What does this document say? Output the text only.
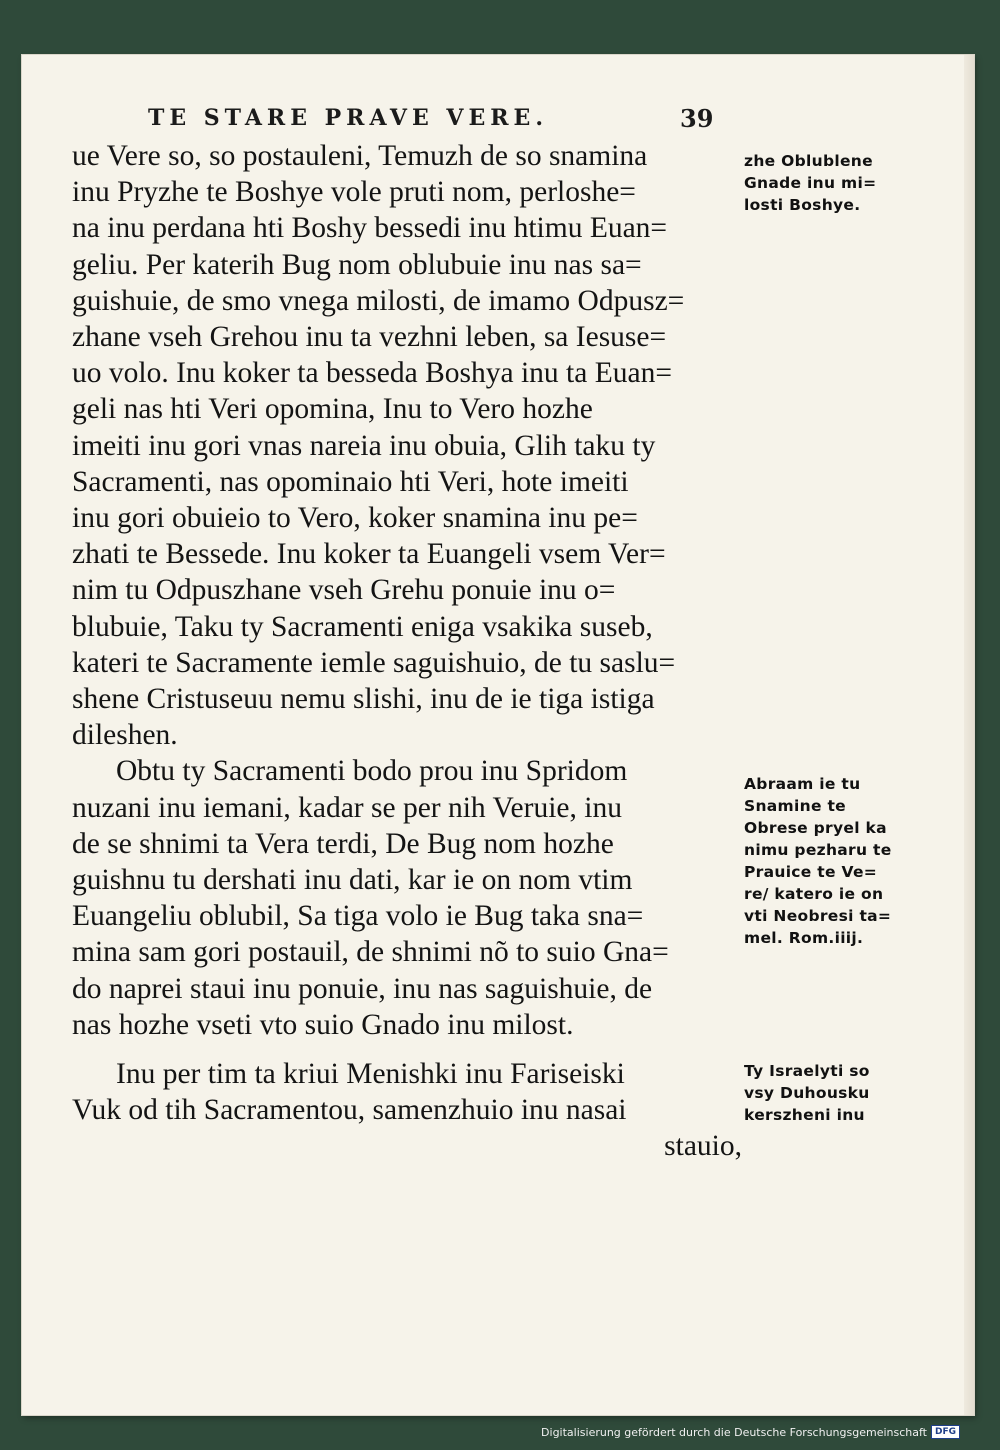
TE STARE PRAVE VERE.	39
ue Vere so, so postauleni, Temuzh de so snamina
inu Pryzhe te Boshye vole pruti nom, perloshe=
na inu perdana hti Boshy bessedi inu htimu Euan=
geliu. Per katerih Bug nom oblubuie inu nas sa=
guishuie, de smo vnega milosti, de imamo Odpusz=
zhane vseh Grehou inu ta vezhni leben, sa Iesuse=
uo volo. Inu koker ta bessedа Boshya inu ta Euan=
geli nas hti Veri opomina, Inu to Vero hozhe
imeiti inu gori vnas nareia inu obuia, Glih taku ty
Sacramenti, nas opominaio hti Veri, hote imeiti
inu gori obuieio to Vero, koker snamina inu pe=
zhati te Bessede. Inu koker ta Euangeli vsem Ver=
nim tu Odpuszhane vseh Grehu ponuie inu o=
blubuie, Taku ty Sacramenti eniga vsakika suseb,
kateri te Sacramente iemle saguishuio, de tu saslu=
shene Cristuseuu nemu slishi, inu de ie tiga istiga
dileshen.
Obtu ty Sacramenti bodo prou inu Spridom
nuzani inu iemani, kadar se per nih Veruie, inu
de se shnimi ta Vera terdi, De Bug nom hozhe
guishnu tu dershati inu dati, kar ie on nom vtim
Euangeliu oblubil, Sa tiga volo ie Bug taka sna=
mina sam gori postauil, de shnimi nõ to suio Gna=
do naprei stаui inu ponuie, inu nas saguishuie, de
nas hozhe vseti vto suio Gnado inu milost.
Inu per tim ta kriui Menishki inu Fariseiski
Vuk od tih Sacramentou, samenzhuio inu nasai
stauio,
zhe Oblublene
Gnade inu mi=
losti Boshye.
Abraam ie tu
Snamine te
Obrese pryel ka
nimu pezharu te
Prauice te Ve=
re/ katero ie on
vti Nеobresi ta=
mel. Rom.iiij.
Ty Israelyti so
vsy Duhousku
kerszheni inu
Digitalisierung gefördert durch die Deutsche Forschungsgemeinschaft DFG
